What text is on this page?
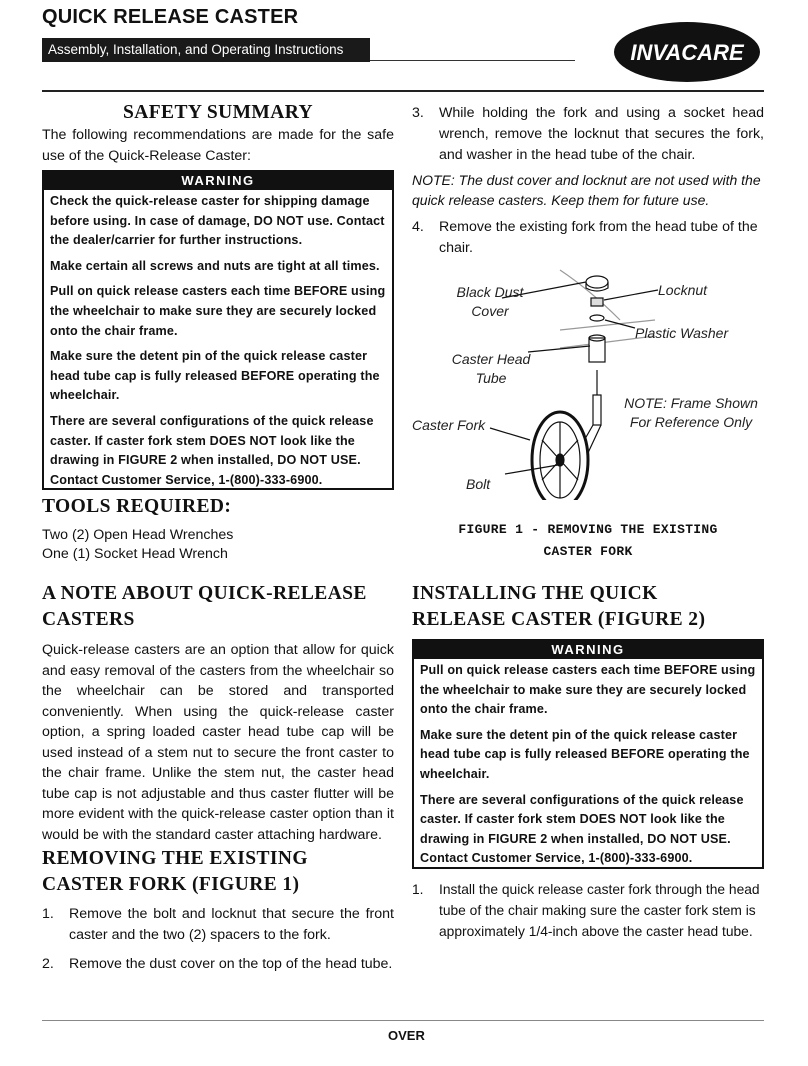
QUICK RELEASE CASTER
Assembly, Installation, and Operating Instructions	INVACARE
SAFETY SUMMARY
The following recommendations are made for the safe use of the Quick-Release Caster:
WARNING

Check the quick-release caster for shipping damage before using. In case of damage, DO NOT use. Contact the dealer/carrier for further instructions.

Make certain all screws and nuts are tight at all times.

Pull on quick release casters each time BEFORE using the wheelchair to make sure they are securely locked onto the chair frame.

Make sure the detent pin of the quick release caster head tube cap is fully released BEFORE operating the wheelchair.

There are several configurations of the quick release caster. If caster fork stem DOES NOT look like the drawing in FIGURE 2 when installed, DO NOT USE. Contact Customer Service, 1-(800)-333-6900.

TOOLS REQUIRED:
Two (2) Open Head Wrenches
One (1) Socket Head Wrench
A NOTE ABOUT QUICK-RELEASE
CASTERS
Quick-release casters are an option that allow for quick and easy removal of the casters from the wheelchair so the wheelchair can be stored and transported conveniently. When using the quick-release caster option, a spring loaded caster head tube cap will be used instead of a stem nut to secure the front caster to the chair frame. Unlike the stem nut, the caster head tube cap is not adjustable and thus caster flutter will be more evident with the quick-release caster option than it would be with the standard caster attaching hardware.
REMOVING THE EXISTING
CASTER FORK (FIGURE 1)
1. Remove the bolt and locknut that secure the front caster and the two (2) spacers to the fork.
2. Remove the dust cover on the top of the head tube.
3. While holding the fork and using a socket head wrench, remove the locknut that secures the fork, and washer in the head tube of the chair.
NOTE: The dust cover and locknut are not used with the quick release casters. Keep them for future use.
4. Remove the existing fork from the head tube of the chair.
Black Dust Cover
Locknut
Plastic Washer
Caster Head Tube
NOTE: Frame Shown For Reference Only
Caster Fork
Bolt
FIGURE 1 - REMOVING THE EXISTING
CASTER FORK
INSTALLING THE QUICK
RELEASE CASTER (FIGURE 2)
WARNING

Pull on quick release casters each time BEFORE using the wheelchair to make sure they are securely locked onto the chair frame.

Make sure the detent pin of the quick release caster head tube cap is fully released BEFORE operating the wheelchair.

There are several configurations of the quick release caster. If caster fork stem DOES NOT look like the drawing in FIGURE 2 when installed, DO NOT USE. Contact Customer Service, 1-(800)-333-6900.

1. Install the quick release caster fork through the head tube of the chair making sure the caster fork stem is approximately 1/4-inch above the caster head tube.
OVER
